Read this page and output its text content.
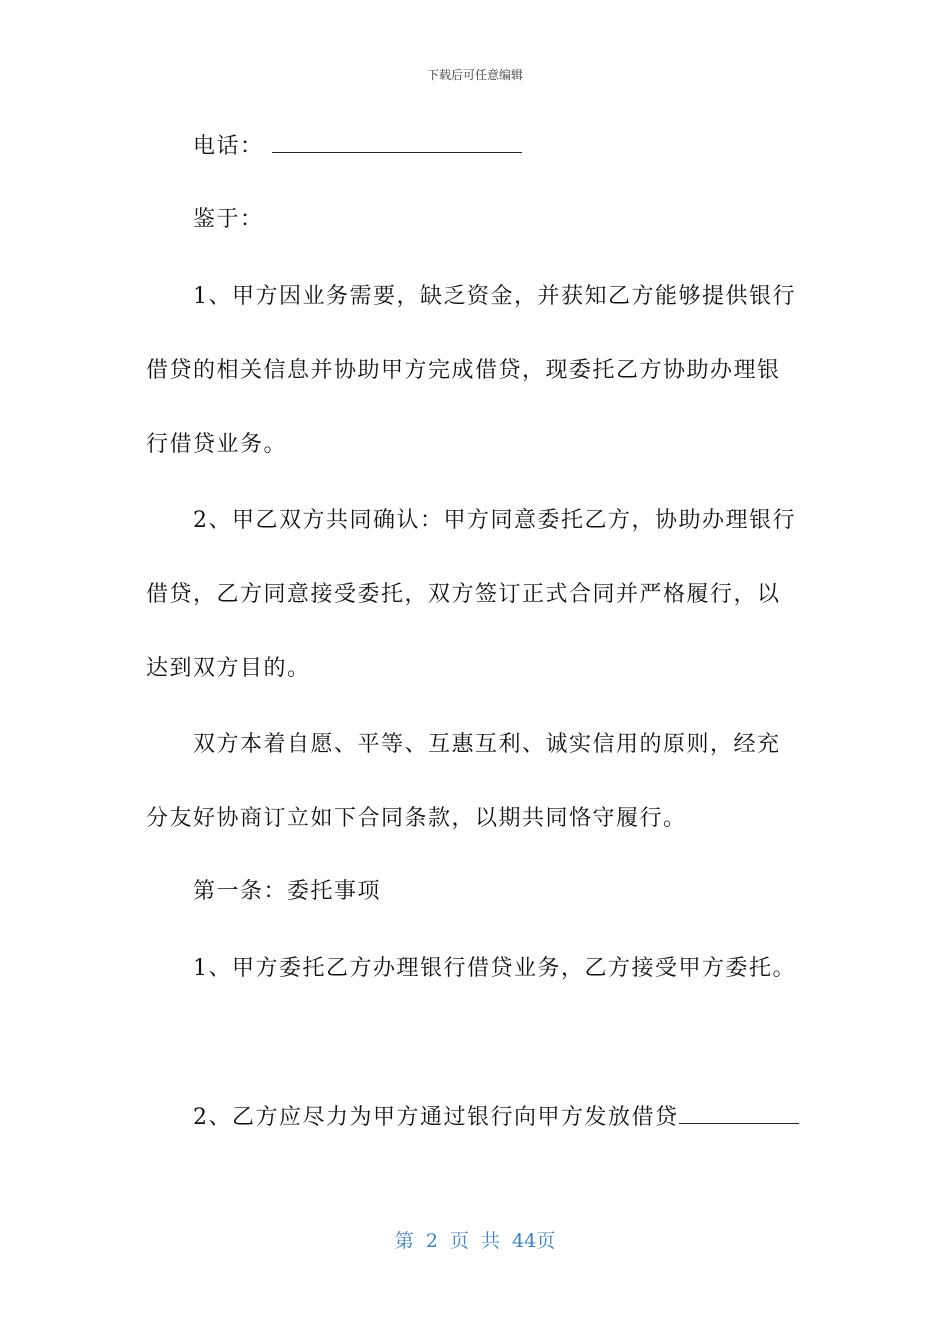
下载后可任意编辑
电话：
鉴于：
1、甲方因业务需要，缺乏资金，并获知乙方能够提供银行
借贷的相关信息并协助甲方完成借贷，现委托乙方协助办理银
行借贷业务。
2、甲乙双方共同确认：甲方同意委托乙方，协助办理银行
借贷，乙方同意接受委托，双方签订正式合同并严格履行，以
达到双方目的。
双方本着自愿、平等、互惠互利、诚实信用的原则，经充
分友好协商订立如下合同条款，以期共同恪守履行。
第一条：委托事项
1、甲方委托乙方办理银行借贷业务，乙方接受甲方委托。
2、乙方应尽力为甲方通过银行向甲方发放借贷
第 2 页 共 44页
